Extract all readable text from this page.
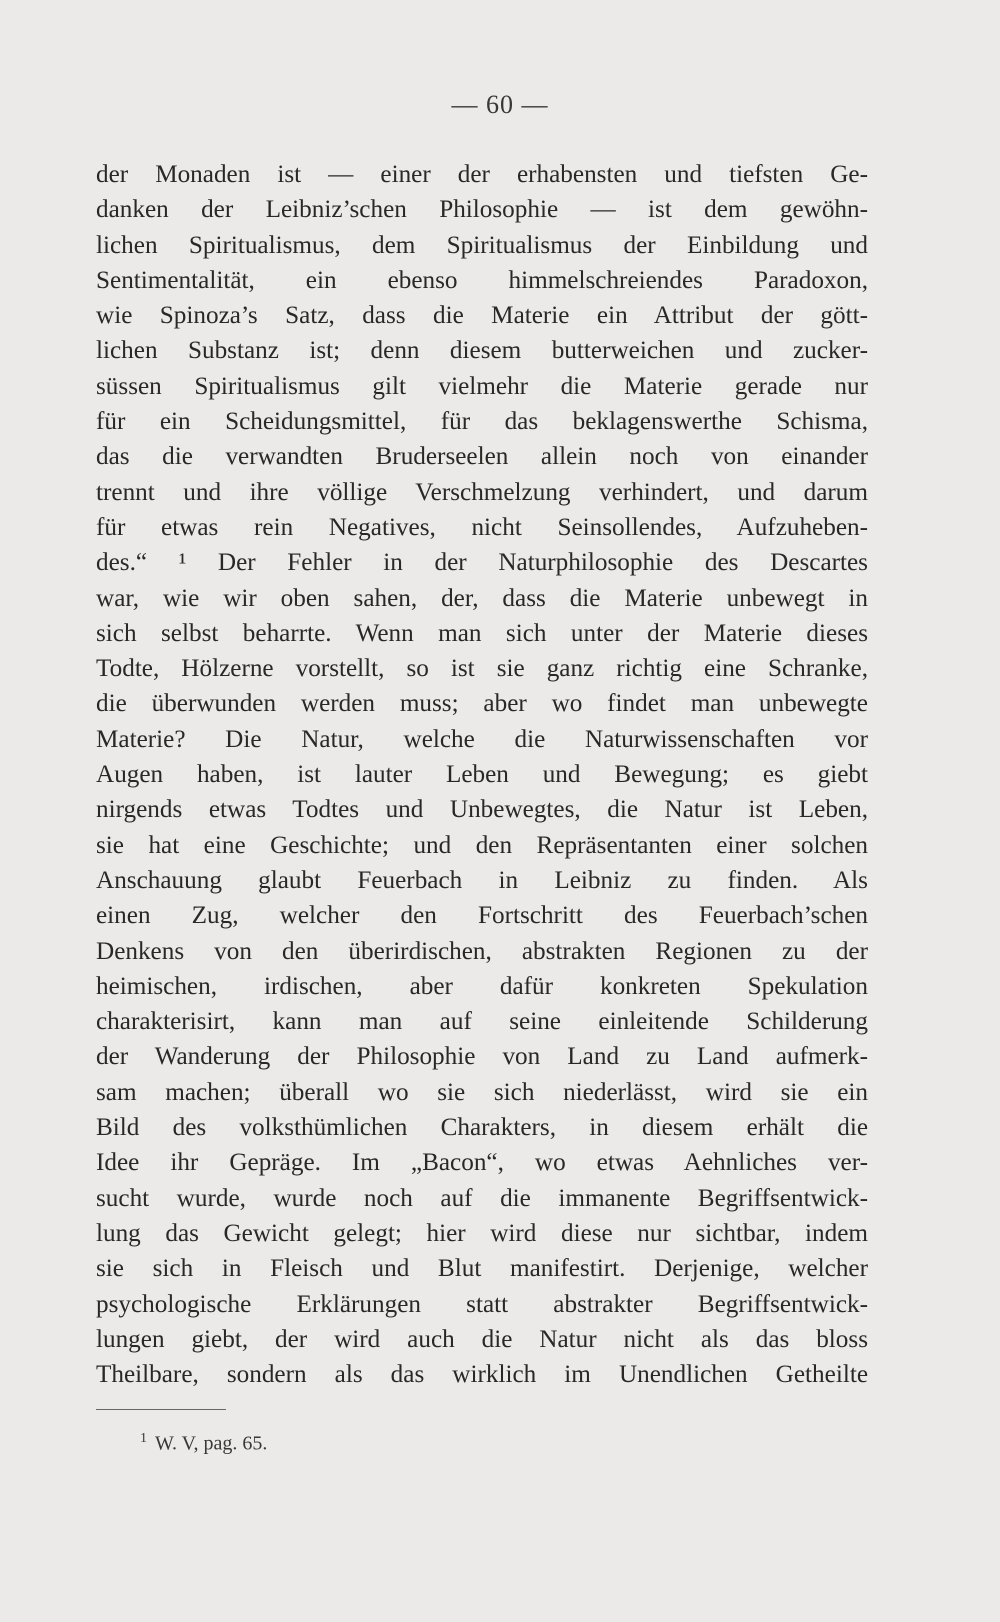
— 60 —
der Monaden ist — einer der erhabensten und tiefsten Ge-
danken der Leibniz’schen Philosophie — ist dem gewöhn-
lichen Spiritualismus, dem Spiritualismus der Einbildung und
Sentimentalität, ein ebenso himmelschreiendes Paradoxon,
wie Spinoza’s Satz, dass die Materie ein Attribut der gött-
lichen Substanz ist; denn diesem butterweichen und zucker-
süssen Spiritualismus gilt vielmehr die Materie gerade nur
für ein Scheidungsmittel, für das beklagenswerthe Schisma,
das die verwandten Bruderseelen allein noch von einander
trennt und ihre völlige Verschmelzung verhindert, und darum
für etwas rein Negatives, nicht Seinsollendes, Aufzuheben-
des.“ ¹ Der Fehler in der Naturphilosophie des Descartes
war, wie wir oben sahen, der, dass die Materie unbewegt in
sich selbst beharrte. Wenn man sich unter der Materie dieses
Todte, Hölzerne vorstellt, so ist sie ganz richtig eine Schranke,
die überwunden werden muss; aber wo findet man unbewegte
Materie? Die Natur, welche die Naturwissenschaften vor
Augen haben, ist lauter Leben und Bewegung; es giebt
nirgends etwas Todtes und Unbewegtes, die Natur ist Leben,
sie hat eine Geschichte; und den Repräsentanten einer solchen
Anschauung glaubt Feuerbach in Leibniz zu finden. Als
einen Zug, welcher den Fortschritt des Feuerbach’schen
Denkens von den überirdischen, abstrakten Regionen zu der
heimischen, irdischen, aber dafür konkreten Spekulation
charakterisirt, kann man auf seine einleitende Schilderung
der Wanderung der Philosophie von Land zu Land aufmerk-
sam machen; überall wo sie sich niederlässt, wird sie ein
Bild des volksthümlichen Charakters, in diesem erhält die
Idee ihr Gepräge. Im „Bacon“, wo etwas Aehnliches ver-
sucht wurde, wurde noch auf die immanente Begriffsentwick-
lung das Gewicht gelegt; hier wird diese nur sichtbar, indem
sie sich in Fleisch und Blut manifestirt. Derjenige, welcher
psychologische Erklärungen statt abstrakter Begriffsentwick-
lungen giebt, der wird auch die Natur nicht als das bloss
Theilbare, sondern als das wirklich im Unendlichen Getheilte
$^1$ W. V, pag. 65.
